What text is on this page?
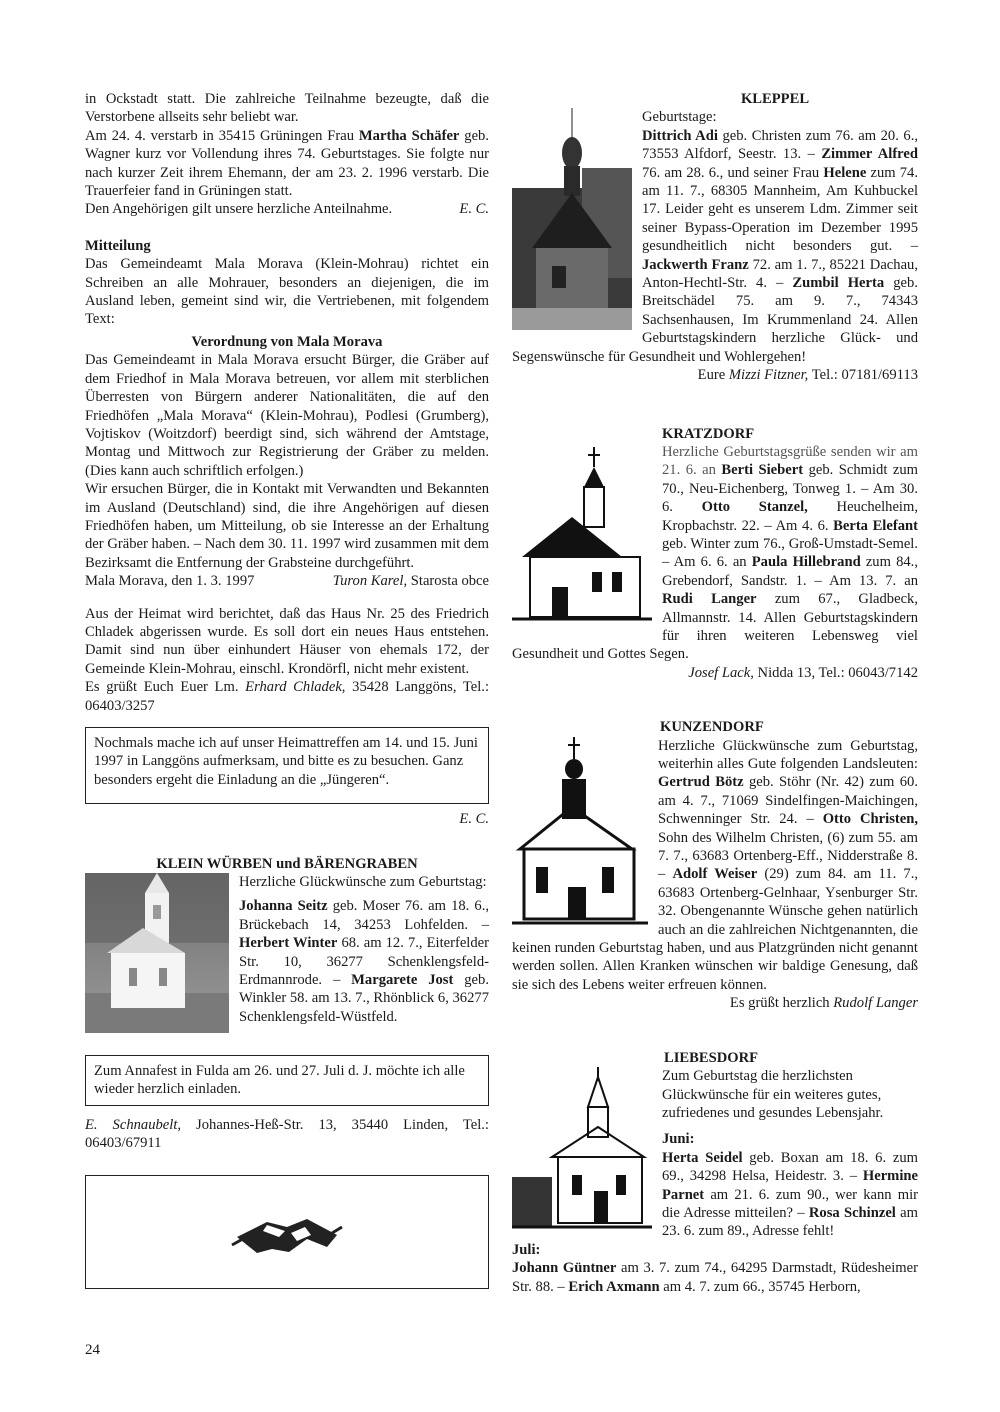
in Ockstadt statt. Die zahlreiche Teilnahme bezeugte, daß die Verstorbene allseits sehr beliebt war.

Am 24. 4. verstarb in 35415 Grüningen Frau Martha Schäfer geb. Wagner kurz vor Vollendung ihres 74. Geburtstages. Sie folgte nur nach kurzer Zeit ihrem Ehemann, der am 23. 2. 1996 verstarb. Die Trauerfeier fand in Grüningen statt.

Den Angehörigen gilt unsere herzliche Anteilnahme.	E. C.

Mitteilung

Das Gemeindeamt Mala Morava (Klein-Mohrau) richtet ein Schreiben an alle Mohrauer, besonders an diejenigen, die im Ausland leben, gemeint sind wir, die Vertriebenen, mit folgendem Text:

Verordnung von Mala Morava

Das Gemeindeamt in Mala Morava ersucht Bürger, die Gräber auf dem Friedhof in Mala Morava betreuen, vor allem mit sterblichen Überresten von Bürgern anderer Nationalitäten, die auf den Friedhöfen „Mala Morava“ (Klein-Mohrau), Podlesi (Grumberg), Vojtiskov (Woitzdorf) beerdigt sind, sich während der Amtstage, Montag und Mittwoch zur Registrierung der Gräber zu melden. (Dies kann auch schriftlich erfolgen.)

Wir ersuchen Bürger, die in Kontakt mit Verwandten und Bekannten im Ausland (Deutschland) sind, die ihre Angehörigen auf diesen Friedhöfen haben, um Mitteilung, ob sie Interesse an der Erhaltung der Gräber haben. – Nach dem 30. 11. 1997 wird zusammen mit dem Bezirksamt die Entfernung der Grabsteine durchgeführt.

Mala Morava, den 1. 3. 1997	Turon Karel, Starosta obce

Aus der Heimat wird berichtet, daß das Haus Nr. 25 des Friedrich Chladek abgerissen wurde. Es soll dort ein neues Haus entstehen. Damit sind nun über einhundert Häuser von ehemals 172, der Gemeinde Klein-Mohrau, einschl. Krondörfl, nicht mehr existent.

Es grüßt Euch Euer Lm. Erhard Chladek, 35428 Langgöns, Tel.: 06403/3257

Nochmals mache ich auf unser Heimattreffen am 14. und 15. Juni 1997 in Langgöns aufmerksam, und bitte es zu besuchen. Ganz besonders ergeht die Einladung an die „Jüngeren“.

E. C.

KLEIN WÜRBEN und BÄRENGRABEN

Herzliche Glückwünsche zum Geburtstag:

Johanna Seitz geb. Moser 76. am 18. 6., Brückebach 14, 34253 Lohfelden. – Herbert Winter 68. am 12. 7., Eiterfelder Str. 10, 36277 Schenklengsfeld-Erdmannrode. – Margarete Jost geb. Winkler 58. am 13. 7., Rhönblick 6, 36277 Schenklengsfeld-Wüstfeld.

Zum Annafest in Fulda am 26. und 27. Juli d. J. möchte ich alle wieder herzlich einladen.

E. Schnaubelt, Johannes-Heß-Str. 13, 35440 Linden, Tel.: 06403/67911

KLEPPEL

Geburtstage:

Dittrich Adi geb. Christen zum 76. am 20. 6., 73553 Alfdorf, Seestr. 13. – Zimmer Alfred 76. am 28. 6., und seiner Frau Helene zum 74. am 11. 7., 68305 Mannheim, Am Kuhbuckel 17. Leider geht es unserem Ldm. Zimmer seit seiner Bypass-Operation im Dezember 1995 gesundheitlich nicht besonders gut. – Jackwerth Franz 72. am 1. 7., 85221 Dachau, Anton-Hechtl-Str. 4. – Zumbil Herta geb. Breitschädel 75. am 9. 7., 74343 Sachsenhausen, Im Krummenland 24. Allen Geburtstagskindern herzliche Glück- und Segenswünsche für Gesundheit und Wohlergehen!

Eure Mizzi Fitzner, Tel.: 07181/69113

KRATZDORF

Herzliche Geburtstagsgrüße senden wir am 21. 6. an Berti Siebert geb. Schmidt zum 70., Neu-Eichenberg, Tonweg 1. – Am 30. 6. Otto Stanzel, Heuchelheim, Kropbachstr. 22. – Am 4. 6. Berta Elefant geb. Winter zum 76., Groß-Umstadt-Semel. – Am 6. 6. an Paula Hillebrand zum 84., Grebendorf, Sandstr. 1. – Am 13. 7. an Rudi Langer zum 67., Gladbeck, Allmannstr. 14. Allen Geburtstagskindern für ihren weiteren Lebensweg viel Gesundheit und Gottes Segen.

Josef Lack, Nidda 13, Tel.: 06043/7142

KUNZENDORF

Herzliche Glückwünsche zum Geburtstag, weiterhin alles Gute folgenden Landsleuten: Gertrud Bötz geb. Stöhr (Nr. 42) zum 60. am 4. 7., 71069 Sindelfingen-Maichingen, Schwenninger Str. 24. – Otto Christen, Sohn des Wilhelm Christen, (6) zum 55. am 7. 7., 63683 Ortenberg-Eff., Nidderstraße 8. – Adolf Weiser (29) zum 84. am 11. 7., 63683 Ortenberg-Gelnhaar, Ysenburger Str. 32. Obengenannte Wünsche gehen natürlich auch an die zahlreichen Nichtgenannten, die keinen runden Geburtstag haben, und aus Platzgründen nicht genannt werden sollen. Allen Kranken wünschen wir baldige Genesung, daß sie sich des Lebens weiter erfreuen können.

Es grüßt herzlich Rudolf Langer

LIEBESDORF

Zum Geburtstag die herzlichsten Glückwünsche für ein weiteres gutes, zufriedenes und gesundes Lebensjahr.

Juni:

Herta Seidel geb. Boxan am 18. 6. zum 69., 34298 Helsa, Heidestr. 3. – Hermine Parnet am 21. 6. zum 90., wer kann mir die Adresse mitteilen? – Rosa Schinzel am 23. 6. zum 89., Adresse fehlt!

Juli:

Johann Güntner am 3. 7. zum 74., 64295 Darmstadt, Rüdesheimer Str. 88. – Erich Axmann am 4. 7. zum 66., 35745 Herborn,

24
